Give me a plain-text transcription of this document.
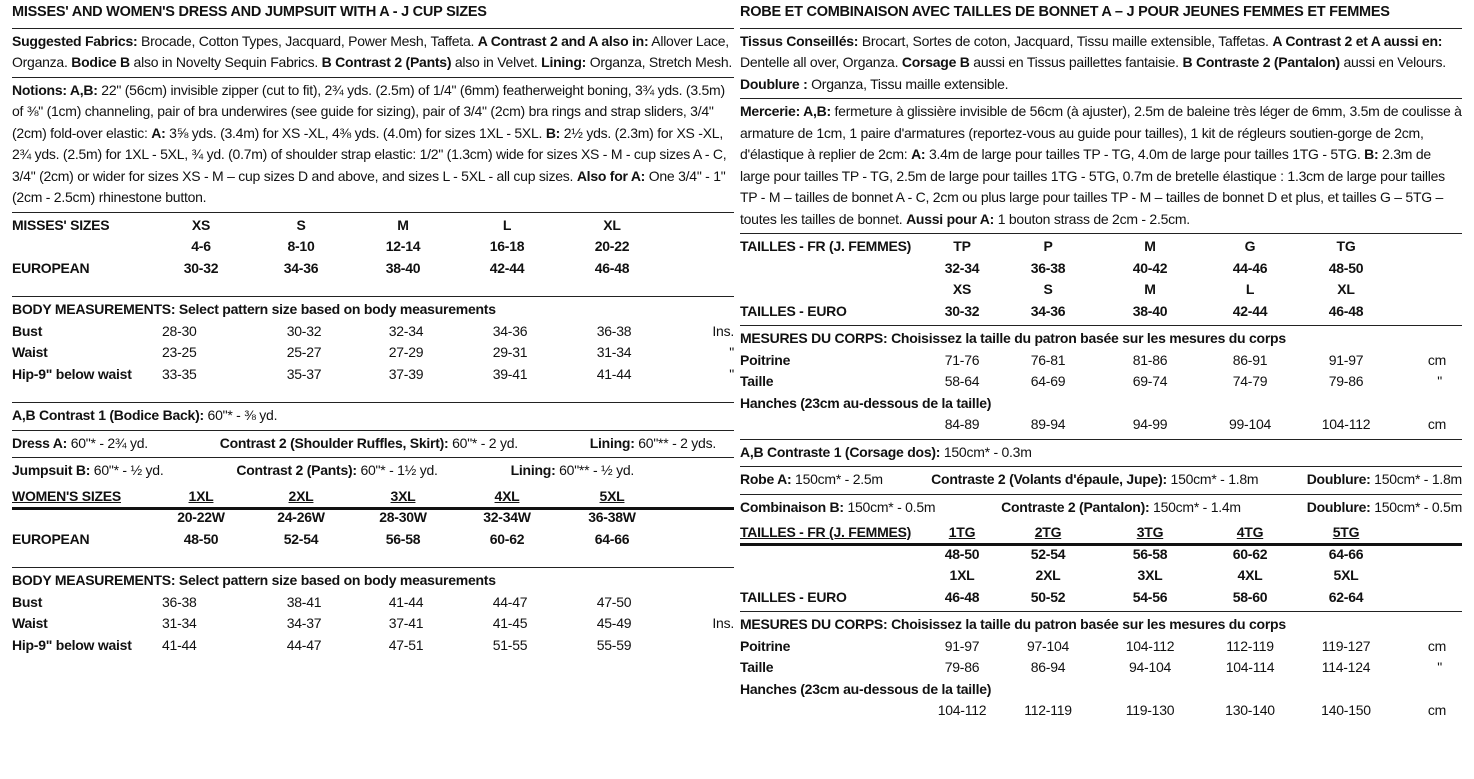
MISSES' AND WOMEN'S DRESS AND JUMPSUIT WITH A - J CUP SIZES

Suggested Fabrics: Brocade, Cotton Types, Jacquard, Power Mesh, Taffeta. A Contrast 2 and A also in: Allover Lace, Organza. Bodice B also in Novelty Sequin Fabrics. B Contrast 2 (Pants) also in Velvet. Lining: Organza, Stretch Mesh.

Notions: A,B: 22" (56cm) invisible zipper (cut to fit), 2¾ yds. (2.5m) of 1/4" (6mm) featherweight boning, 3¾ yds. (3.5m) of ⅜" (1cm) channeling, pair of bra underwires (see guide for sizing), pair of 3/4" (2cm) bra rings and strap sliders, 3/4" (2cm) fold-over elastic: A: 3⅝ yds. (3.4m) for XS -XL, 4⅜ yds. (4.0m) for sizes 1XL - 5XL. B: 2½ yds. (2.3m) for XS -XL, 2¾ yds. (2.5m) for 1XL - 5XL, ¾ yd. (0.7m) of shoulder strap elastic: 1/2" (1.3cm) wide for sizes XS - M - cup sizes A - C, 3/4" (2cm) or wider for sizes XS - M – cup sizes D and above, and sizes L - 5XL - all cup sizes. Also for A: One 3/4" - 1" (2cm - 2.5cm) rhinestone button.

MISSES' SIZES	XS	S	M	L	XL	
	4-6	8-10	12-14	16-18	20-22	
EUROPEAN	30-32	34-36	38-40	42-44	46-48	

BODY MEASUREMENTS: Select pattern size based on body measurements
Bust	28-30	30-32	32-34	34-36	36-38	Ins.
Waist	23-25	25-27	27-29	29-31	31-34	"
Hip-9" below waist	33-35	35-37	37-39	39-41	41-44	"

A,B Contrast 1 (Bodice Back): 60"* - ⅜ yd.

Dress A: 60"* - 2¾ yd.	Contrast 2 (Shoulder Ruffles, Skirt): 60"* - 2 yd.	Lining: 60"** - 2 yds.
Jumpsuit B: 60"* - ½ yd.	Contrast 2 (Pants): 60"* - 1½ yd.	Lining: 60"** - ½ yd.
WOMEN'S SIZES	1XL	2XL	3XL	4XL	5XL	
	20-22W	24-26W	28-30W	32-34W	36-38W	
EUROPEAN	48-50	52-54	56-58	60-62	64-66	

BODY MEASUREMENTS: Select pattern size based on body measurements
Bust	36-38	38-41	41-44	44-47	47-50	
Waist	31-34	34-37	37-41	41-45	45-49	Ins.
Hip-9" below waist	41-44	44-47	47-51	51-55	55-59	
ROBE ET COMBINAISON AVEC TAILLES DE BONNET A – J POUR JEUNES FEMMES ET FEMMES

Tissus Conseillés: Brocart, Sortes de coton, Jacquard, Tissu maille extensible, Taffetas. A Contrast 2 et A aussi en: Dentelle all over, Organza. Corsage B aussi en Tissus paillettes fantaisie. B Contraste 2 (Pantalon) aussi en Velours. Doublure : Organza, Tissu maille extensible.

Mercerie: A,B: fermeture à glissière invisible de 56cm (à ajuster), 2.5m de baleine très léger de 6mm, 3.5m de coulisse à armature de 1cm, 1 paire d'armatures (reportez-vous au guide pour tailles), 1 kit de régleurs soutien-gorge de 2cm, d'élastique à replier de 2cm: A: 3.4m de large pour tailles TP - TG, 4.0m de large pour tailles 1TG - 5TG. B: 2.3m de large pour tailles TP - TG, 2.5m de large pour tailles 1TG - 5TG, 0.7m de bretelle élastique : 1.3cm de large pour tailles TP - M – tailles de bonnet A - C, 2cm ou plus large pour tailles TP - M – tailles de bonnet D et plus, et tailles G – 5TG – toutes les tailles de bonnet. Aussi pour A: 1 bouton strass de 2cm - 2.5cm.

TAILLES - FR (J. FEMMES)	TP	P	M	G	TG	
	32-34	36-38	40-42	44-46	48-50	
	XS	S	M	L	XL	
TAILLES - EURO	30-32	34-36	38-40	42-44	46-48	
MESURES DU CORPS: Choisissez la taille du patron basée sur les mesures du corps
Poitrine	71-76	76-81	81-86	86-91	91-97	cm
Taille	58-64	64-69	69-74	74-79	79-86	"
Hanches (23cm au-dessous de la taille)						
	84-89	89-94	94-99	99-104	104-112	cm

A,B Contraste 1 (Corsage dos): 150cm* - 0.3m

Robe A: 150cm* - 2.5m	Contraste 2 (Volants d'épaule, Jupe): 150cm* - 1.8m	Doublure: 150cm* - 1.8m
Combinaison B: 150cm* - 0.5m	Contraste 2 (Pantalon): 150cm* - 1.4m	Doublure: 150cm* - 0.5m
TAILLES - FR (J. FEMMES)	1TG	2TG	3TG	4TG	5TG	
	48-50	52-54	56-58	60-62	64-66	
	1XL	2XL	3XL	4XL	5XL	
TAILLES - EURO	46-48	50-52	54-56	58-60	62-64	
MESURES DU CORPS: Choisissez la taille du patron basée sur les mesures du corps
Poitrine	91-97	97-104	104-112	112-119	119-127	cm
Taille	79-86	86-94	94-104	104-114	114-124	"
Hanches (23cm au-dessous de la taille)						
	104-112	112-119	119-130	130-140	140-150	cm
